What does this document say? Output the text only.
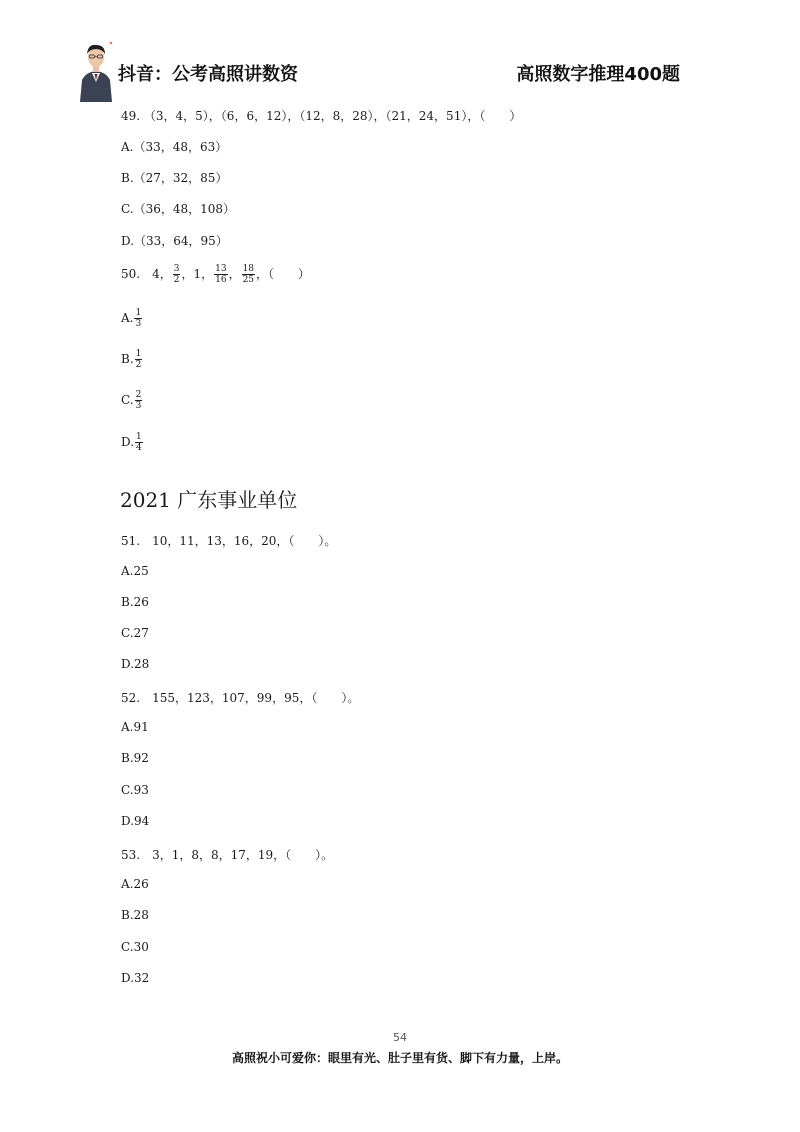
抖音：公考高照讲数资	高照数字推理400题
49. （3，4，5），（6，6，12），（12，8，28），（21，24，51），（　　）
A.（33，48，63）
B.（27，32，85）
C.（36，48，108）
D.（33，64，95）
50.　4， $\frac{3}{2}$ ，1， $\frac{13}{16}$ ， $\frac{18}{25}$ ，（　　）
A. $\frac{1}{3}$
B. $\frac{1}{2}$
C. $\frac{2}{3}$
D. $\frac{1}{4}$
2021 广东事业单位
51.　10，11，13，16，20，（　　）。
A.25
B.26
C.27
D.28
52.　155，123，107，99，95，（　　）。
A.91
B.92
C.93
D.94
53.　3，1，8，8，17，19，（　　）。
A.26
B.28
C.30
D.32
54
高照祝小可爱你：眼里有光、肚子里有货、脚下有力量，上岸。
